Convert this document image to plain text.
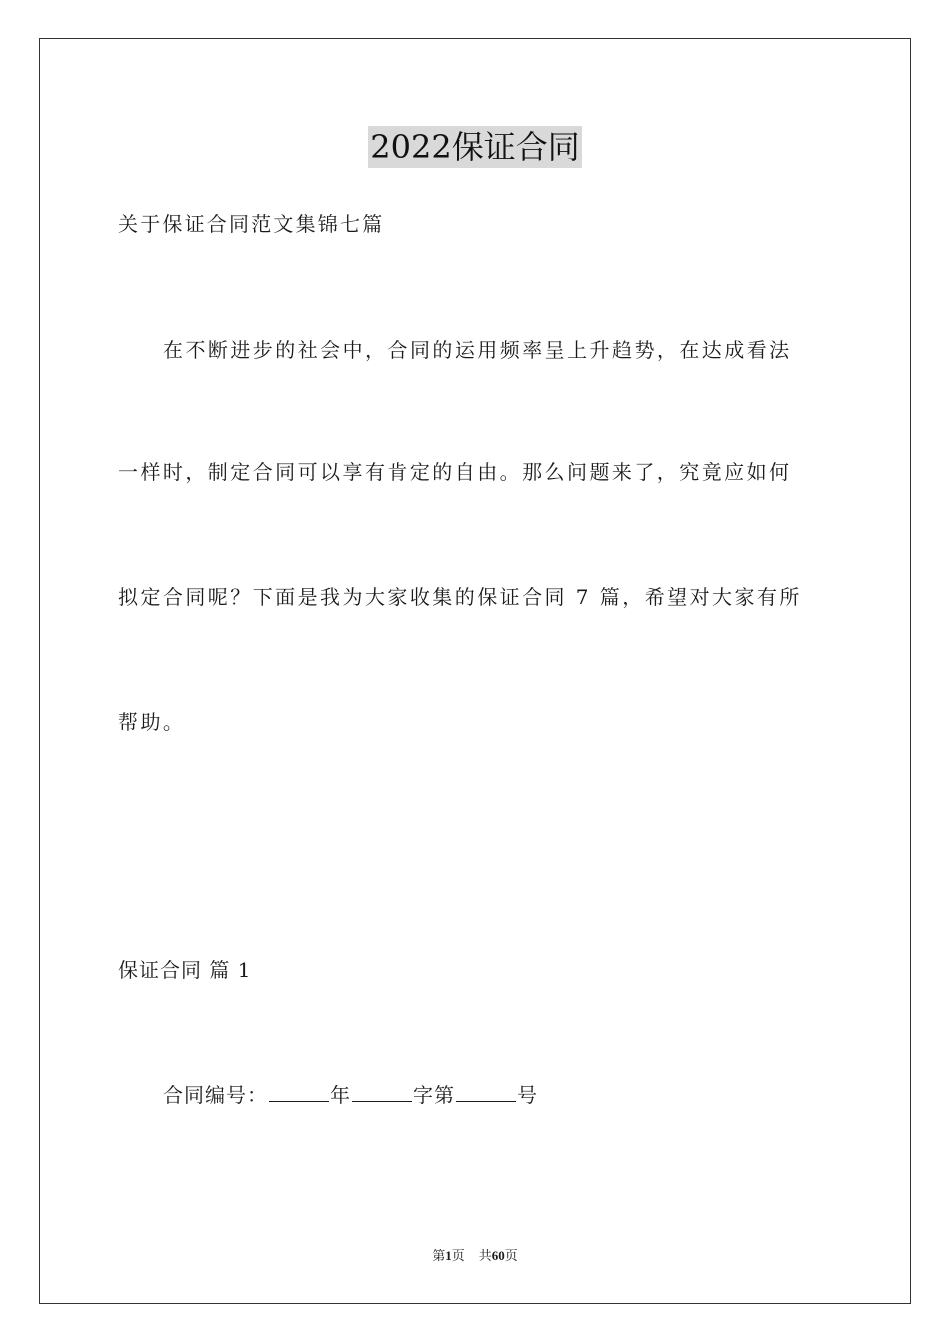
2022保证合同
关于保证合同范文集锦七篇
在不断进步的社会中，合同的运用频率呈上升趋势，在达成看法
一样时，制定合同可以享有肯定的自由。那么问题来了，究竟应如何
拟定合同呢？下面是我为大家收集的保证合同 7 篇，希望对大家有所
帮助。
保证合同 篇 1
合同编号：	年	字第	号
第1页 共60页
